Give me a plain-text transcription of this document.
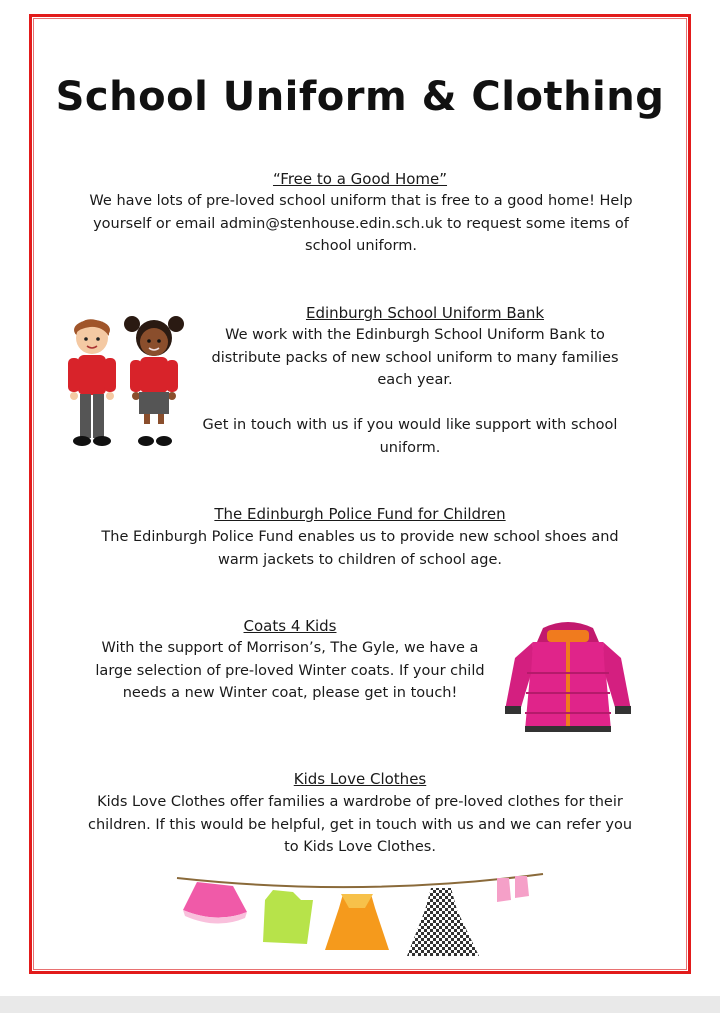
School Uniform & Clothing
“Free to a Good Home”
We have lots of pre-loved school uniform that is free to a good home! Help yourself or email admin@stenhouse.edin.sch.uk to request some items of school uniform.
Edinburgh School Uniform Bank
We work with the Edinburgh School Uniform Bank to distribute packs of new school uniform to many families each year.
Get in touch with us if you would like support with school uniform.
The Edinburgh Police Fund for Children
The Edinburgh Police Fund enables us to provide new school shoes and warm jackets to children of school age.
Coats 4 Kids
With the support of Morrison’s, The Gyle, we have a large selection of pre-loved Winter coats. If your child needs a new Winter coat, please get in touch!
Kids Love Clothes
Kids Love Clothes offer families a wardrobe of pre-loved clothes for their children. If this would be helpful, get in touch with us and we can refer you to Kids Love Clothes.
